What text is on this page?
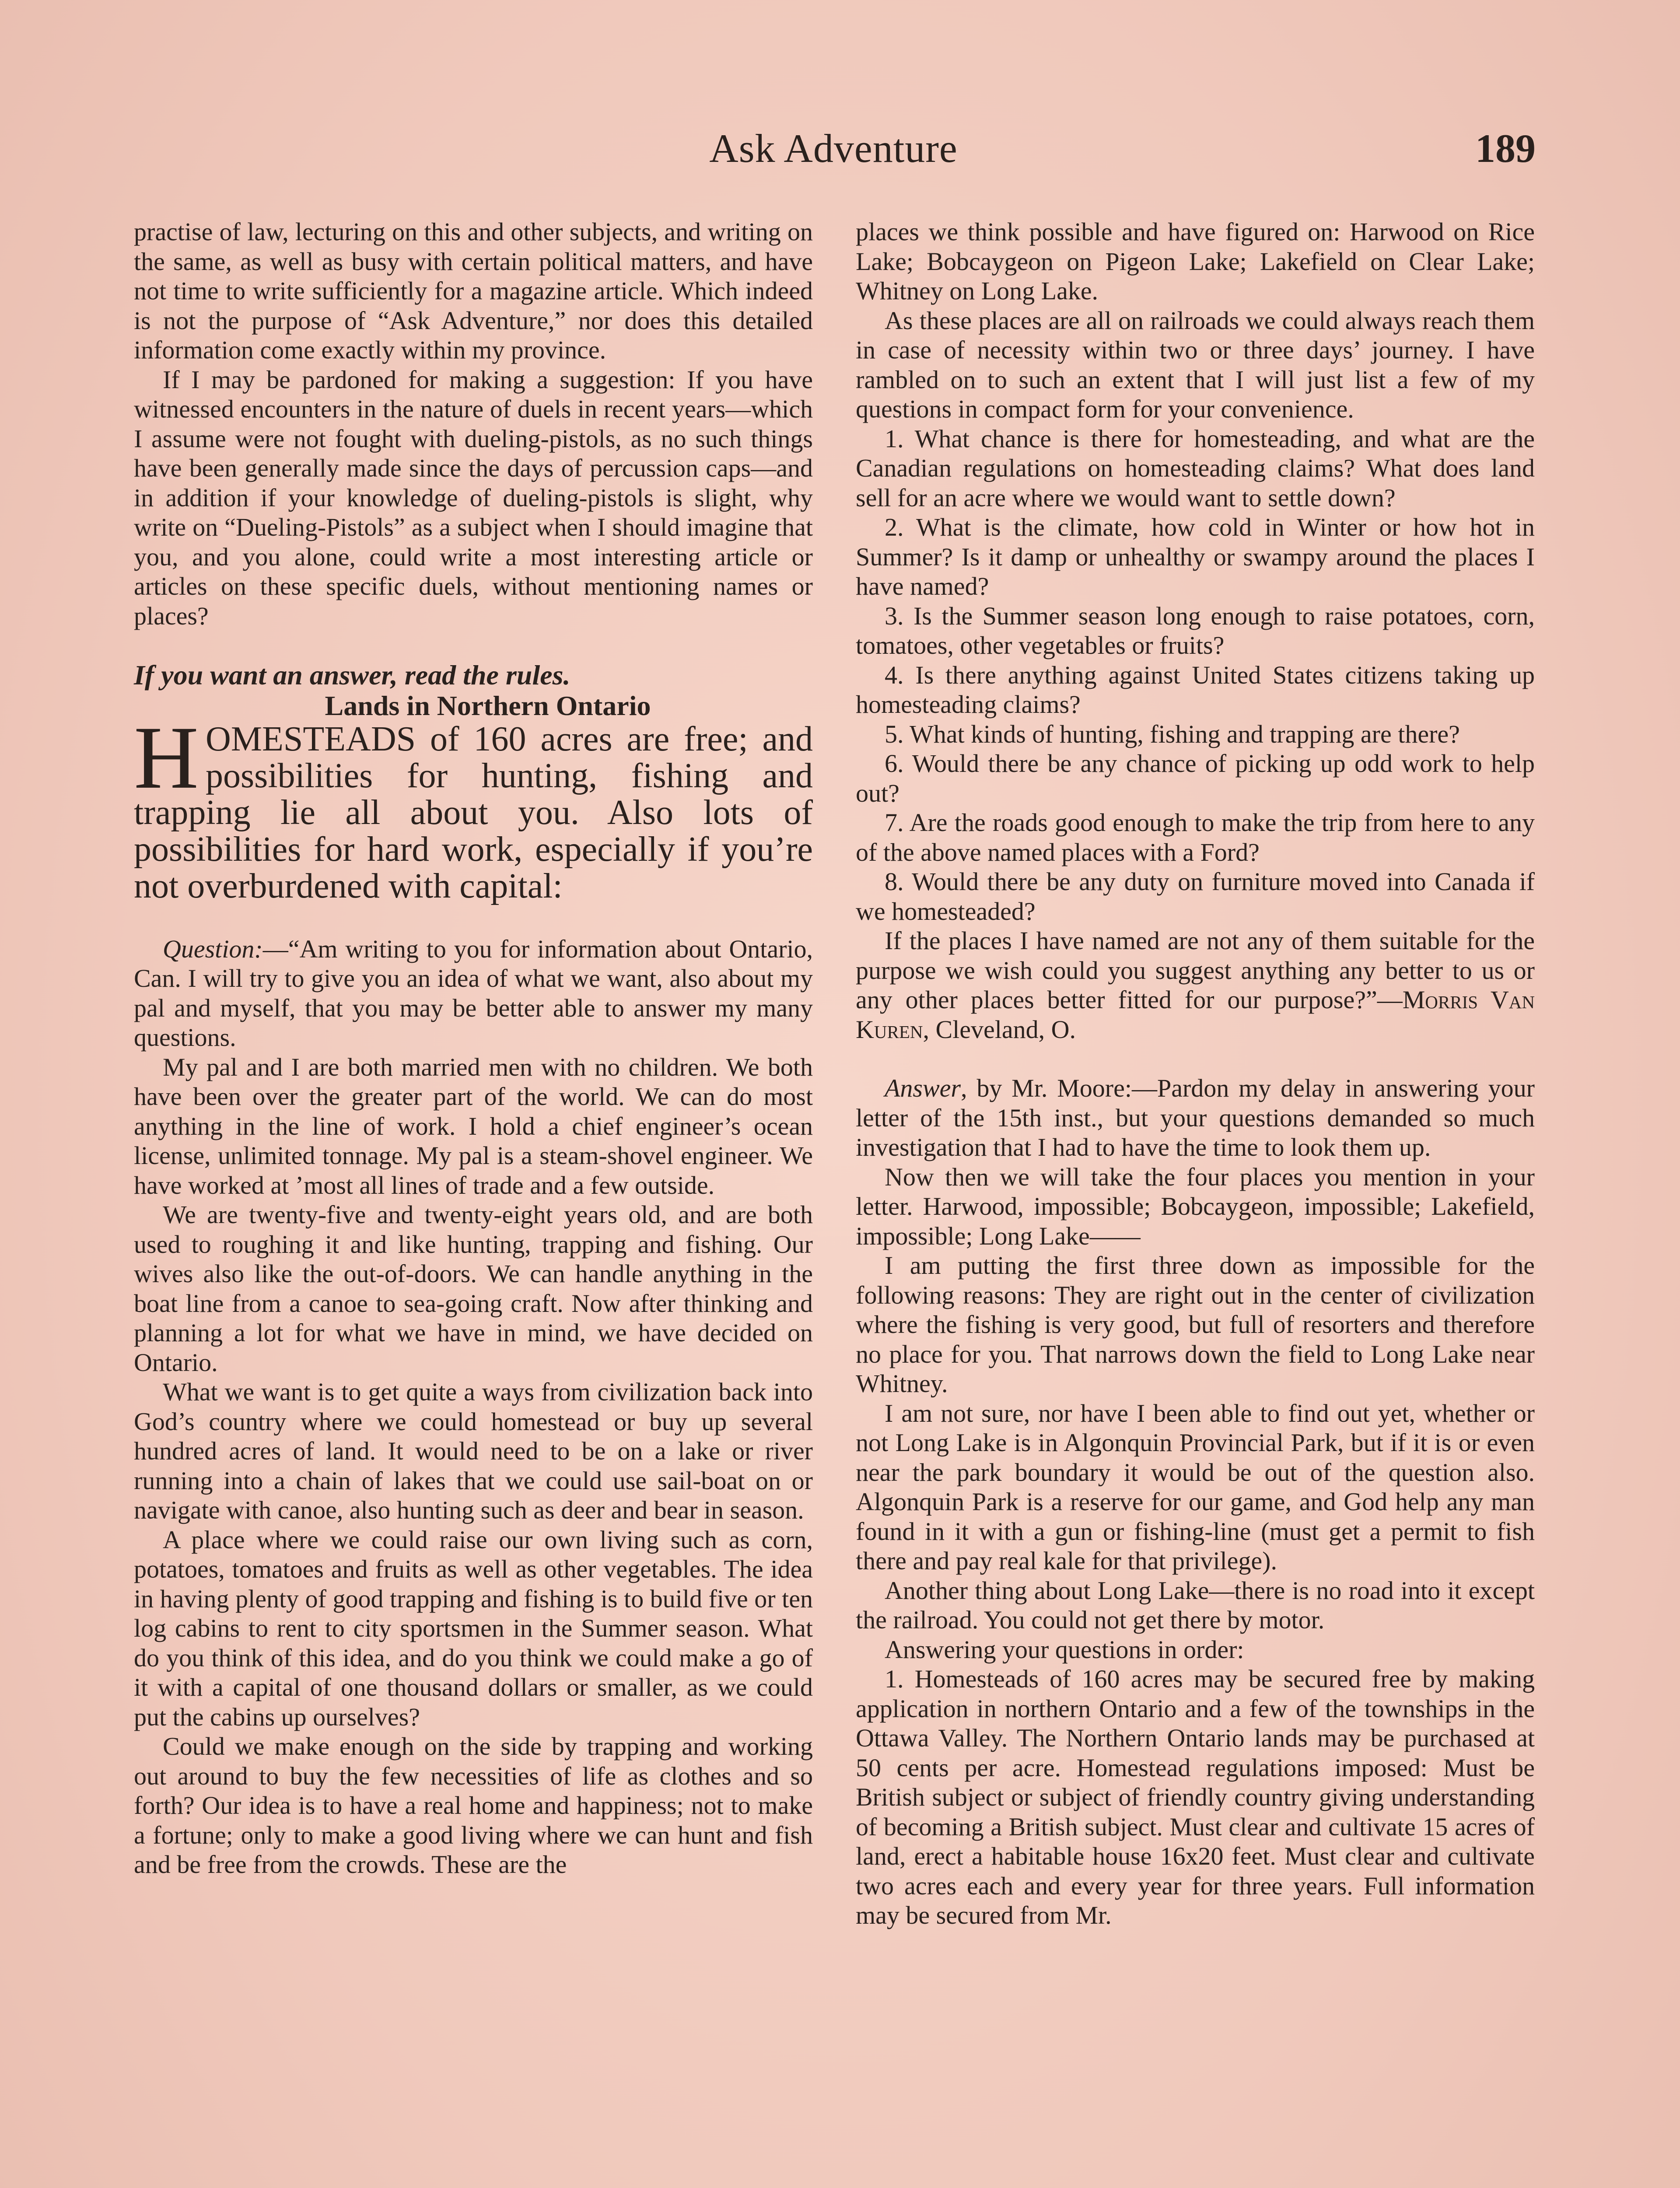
Ask Adventure	189

practise of law, lecturing on this and other subjects, and writing on the same, as well as busy with certain political matters, and have not time to write sufficiently for a magazine article. Which indeed is not the purpose of “Ask Adventure,” nor does this detailed information come exactly within my province.

If I may be pardoned for making a suggestion: If you have witnessed encounters in the nature of duels in recent years—which I assume were not fought with dueling-pistols, as no such things have been generally made since the days of percussion caps—and in addition if your knowledge of dueling-pistols is slight, why write on “Dueling-Pistols” as a subject when I should imagine that you, and you alone, could write a most interesting article or articles on these specific duels, without mentioning names or places?

If you want an answer, read the rules.

Lands in Northern Ontario

HOMESTEADS of 160 acres are free; and possibilities for hunting, fishing and trapping lie all about you. Also lots of possibilities for hard work, especially if you’re not overburdened with capital:

Question:—“Am writing to you for information about Ontario, Can. I will try to give you an idea of what we want, also about my pal and myself, that you may be better able to answer my many questions.

My pal and I are both married men with no children. We both have been over the greater part of the world. We can do most anything in the line of work. I hold a chief engineer’s ocean license, unlimited tonnage. My pal is a steam-shovel engineer. We have worked at ’most all lines of trade and a few outside.

We are twenty-five and twenty-eight years old, and are both used to roughing it and like hunting, trapping and fishing. Our wives also like the out-of-doors. We can handle anything in the boat line from a canoe to sea-going craft. Now after thinking and planning a lot for what we have in mind, we have decided on Ontario.

What we want is to get quite a ways from civilization back into God’s country where we could homestead or buy up several hundred acres of land. It would need to be on a lake or river running into a chain of lakes that we could use sail-boat on or navigate with canoe, also hunting such as deer and bear in season.

A place where we could raise our own living such as corn, potatoes, tomatoes and fruits as well as other vegetables. The idea in having plenty of good trapping and fishing is to build five or ten log cabins to rent to city sportsmen in the Summer season. What do you think of this idea, and do you think we could make a go of it with a capital of one thousand dollars or smaller, as we could put the cabins up ourselves?

Could we make enough on the side by trapping and working out around to buy the few necessities of life as clothes and so forth? Our idea is to have a real home and happiness; not to make a fortune; only to make a good living where we can hunt and fish and be free from the crowds. These are the

places we think possible and have figured on: Harwood on Rice Lake; Bobcaygeon on Pigeon Lake; Lakefield on Clear Lake; Whitney on Long Lake.

As these places are all on railroads we could always reach them in case of necessity within two or three days’ journey. I have rambled on to such an extent that I will just list a few of my questions in compact form for your convenience.

1. What chance is there for homesteading, and what are the Canadian regulations on homesteading claims? What does land sell for an acre where we would want to settle down?

2. What is the climate, how cold in Winter or how hot in Summer? Is it damp or unhealthy or swampy around the places I have named?

3. Is the Summer season long enough to raise potatoes, corn, tomatoes, other vegetables or fruits?

4. Is there anything against United States citizens taking up homesteading claims?

5. What kinds of hunting, fishing and trapping are there?

6. Would there be any chance of picking up odd work to help out?

7. Are the roads good enough to make the trip from here to any of the above named places with a Ford?

8. Would there be any duty on furniture moved into Canada if we homesteaded?

If the places I have named are not any of them suitable for the purpose we wish could you suggest anything any better to us or any other places better fitted for our purpose?”—Morris Van Kuren, Cleveland, O.

Answer, by Mr. Moore:—Pardon my delay in answering your letter of the 15th inst., but your questions demanded so much investigation that I had to have the time to look them up.

Now then we will take the four places you mention in your letter. Harwood, impossible; Bobcaygeon, impossible; Lakefield, impossible; Long Lake——

I am putting the first three down as impossible for the following reasons: They are right out in the center of civilization where the fishing is very good, but full of resorters and therefore no place for you. That narrows down the field to Long Lake near Whitney.

I am not sure, nor have I been able to find out yet, whether or not Long Lake is in Algonquin Provincial Park, but if it is or even near the park boundary it would be out of the question also. Algonquin Park is a reserve for our game, and God help any man found in it with a gun or fishing-line (must get a permit to fish there and pay real kale for that privilege).

Another thing about Long Lake—there is no road into it except the railroad. You could not get there by motor.

Answering your questions in order:

1. Homesteads of 160 acres may be secured free by making application in northern Ontario and a few of the townships in the Ottawa Valley. The Northern Ontario lands may be purchased at 50 cents per acre. Homestead regulations imposed: Must be British subject or subject of friendly country giving understanding of becoming a British subject. Must clear and cultivate 15 acres of land, erect a habitable house 16x20 feet. Must clear and cultivate two acres each and every year for three years. Full information may be secured from Mr.
